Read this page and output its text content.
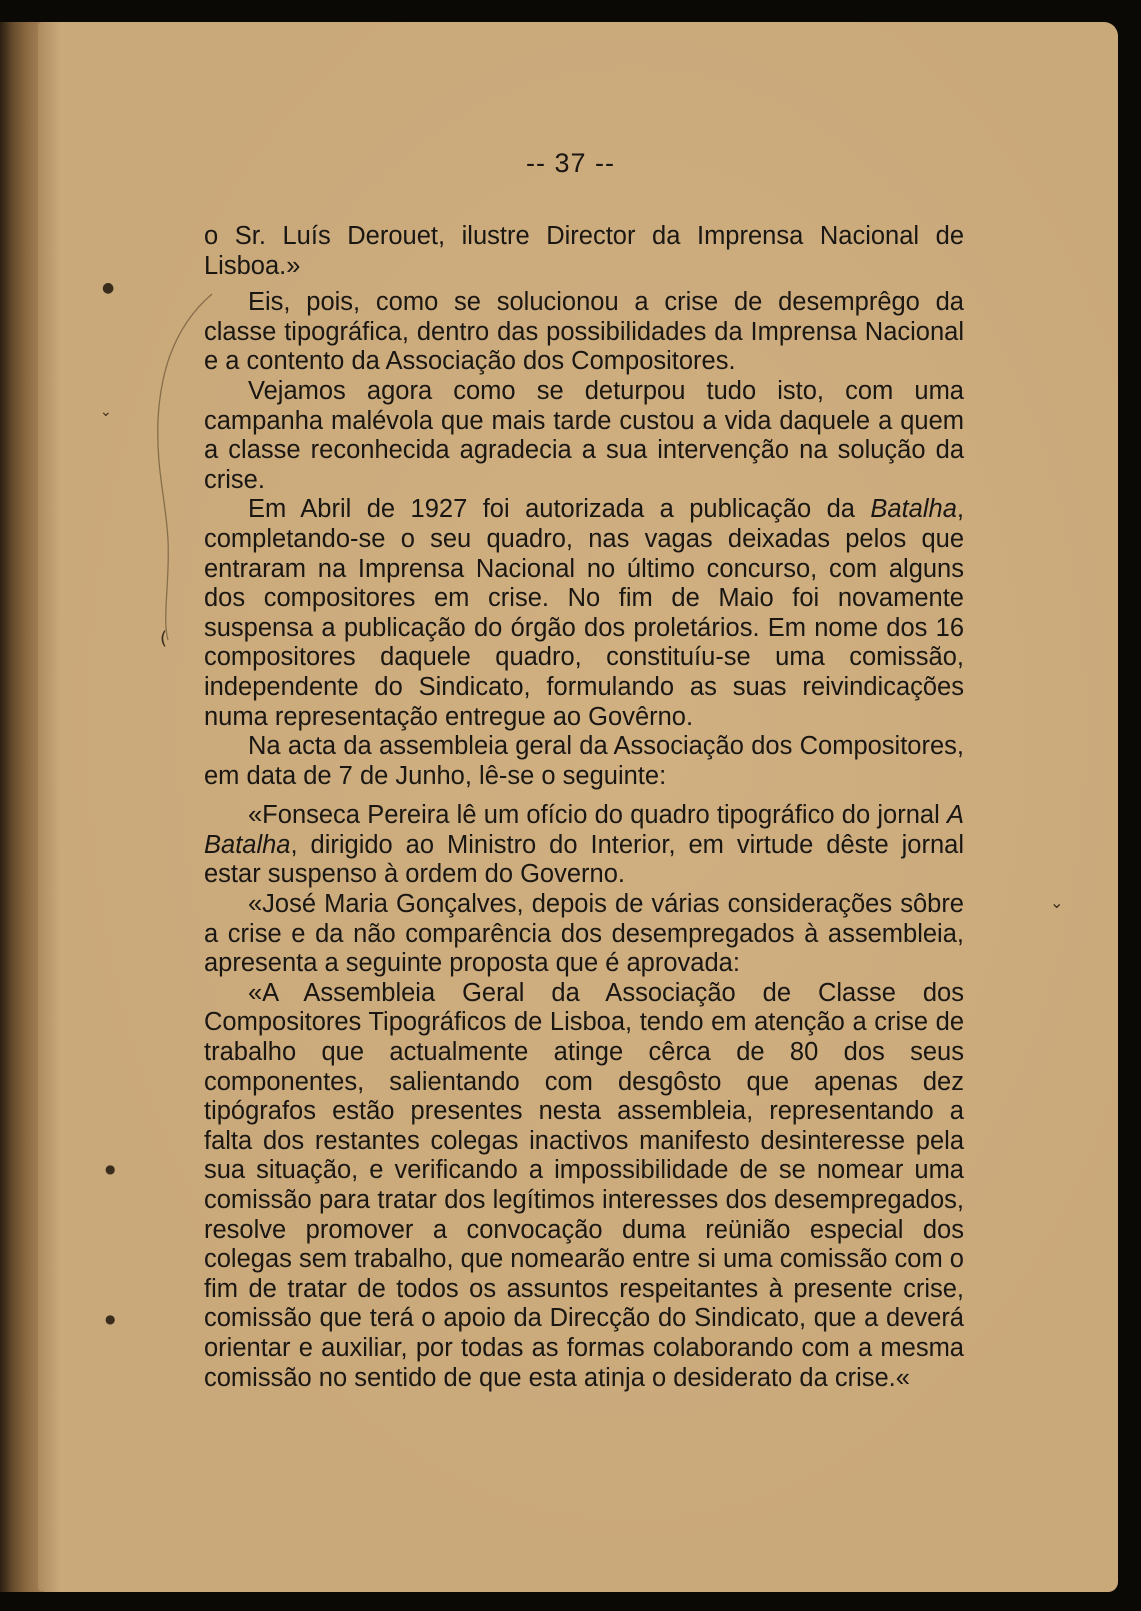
-- 37 --

o Sr. Luís Derouet, ilustre Director da Imprensa Nacional de Lisboa.»

Eis, pois, como se solucionou a crise de desemprêgo da classe tipográfica, dentro das possibilidades da Imprensa Nacional e a contento da Associação dos Compositores.

Vejamos agora como se deturpou tudo isto, com uma campanha malévola que mais tarde custou a vida daquele a quem a classe reconhecida agradecia a sua intervenção na solução da crise.

Em Abril de 1927 foi autorizada a publicação da Batalha, completando-se o seu quadro, nas vagas deixadas pelos que entraram na Imprensa Nacional no último concurso, com alguns dos compositores em crise. No fim de Maio foi novamente suspensa a publicação do órgão dos proletários. Em nome dos 16 compositores daquele quadro, constituíu-se uma comissão, independente do Sindicato, formulando as suas reivindicações numa representação entregue ao Govêrno.

Na acta da assembleia geral da Associação dos Compositores, em data de 7 de Junho, lê-se o seguinte:

«Fonseca Pereira lê um ofício do quadro tipográfico do jornal A Batalha, dirigido ao Ministro do Interior, em virtude dêste jornal estar suspenso à ordem do Governo.

«José Maria Gonçalves, depois de várias considerações sôbre a crise e da não comparência dos desempregados à assembleia, apresenta a seguinte proposta que é aprovada:

«A Assembleia Geral da Associação de Classe dos Compositores Tipográficos de Lisboa, tendo em atenção a crise de trabalho que actualmente atinge cêrca de 80 dos seus componentes, salientando com desgôsto que apenas dez tipógrafos estão presentes nesta assembleia, representando a falta dos restantes colegas inactivos manifesto desinteresse pela sua situação, e verificando a impossibilidade de se nomear uma comissão para tratar dos legítimos interesses dos desempregados, resolve promover a convocação duma reünião especial dos colegas sem trabalho, que nomearão entre si uma comissão com o fim de tratar de todos os assuntos respeitantes à presente crise, comissão que terá o apoio da Direcção do Sindicato, que a deverá orientar e auxiliar, por todas as formas colaborando com a mesma comissão no sentido de que esta atinja o desiderato da crise.«

●
⌄
(
●
●
⌄
